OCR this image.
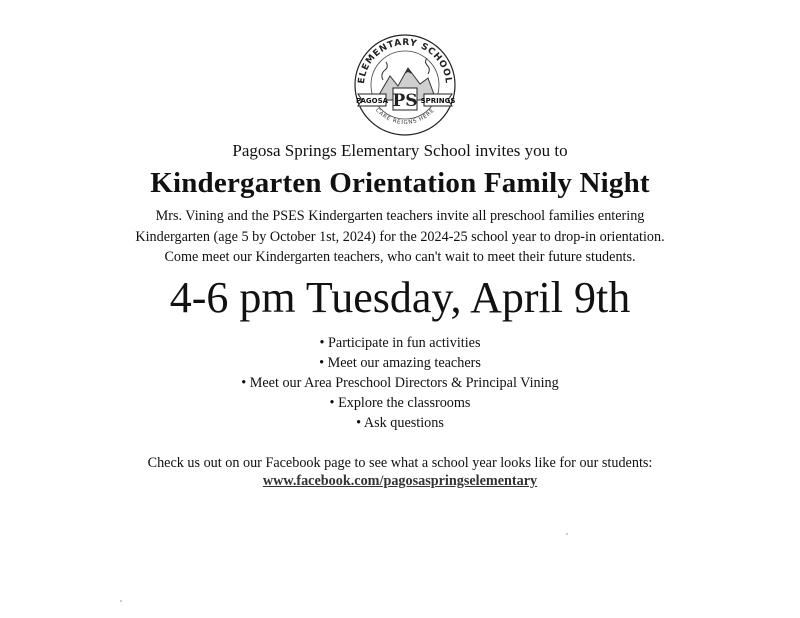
ELEMENTARY SCHOOL
PAGOSA	SPRINGS
PS
CARE REIGNS HERE
Pagosa Springs Elementary School invites you to
Kindergarten Orientation Family Night
Mrs. Vining and the PSES Kindergarten teachers invite all preschool families entering
Kindergarten (age 5 by October 1st, 2024) for the 2024-25 school year to drop-in orientation.
Come meet our Kindergarten teachers, who can't wait to meet their future students.
4-6 pm Tuesday, April 9th
• Participate in fun activities
• Meet our amazing teachers
• Meet our Area Preschool Directors & Principal Vining
• Explore the classrooms
• Ask questions
Check us out on our Facebook page to see what a school year looks like for our students:
www.facebook.com/pagosaspringselementary
